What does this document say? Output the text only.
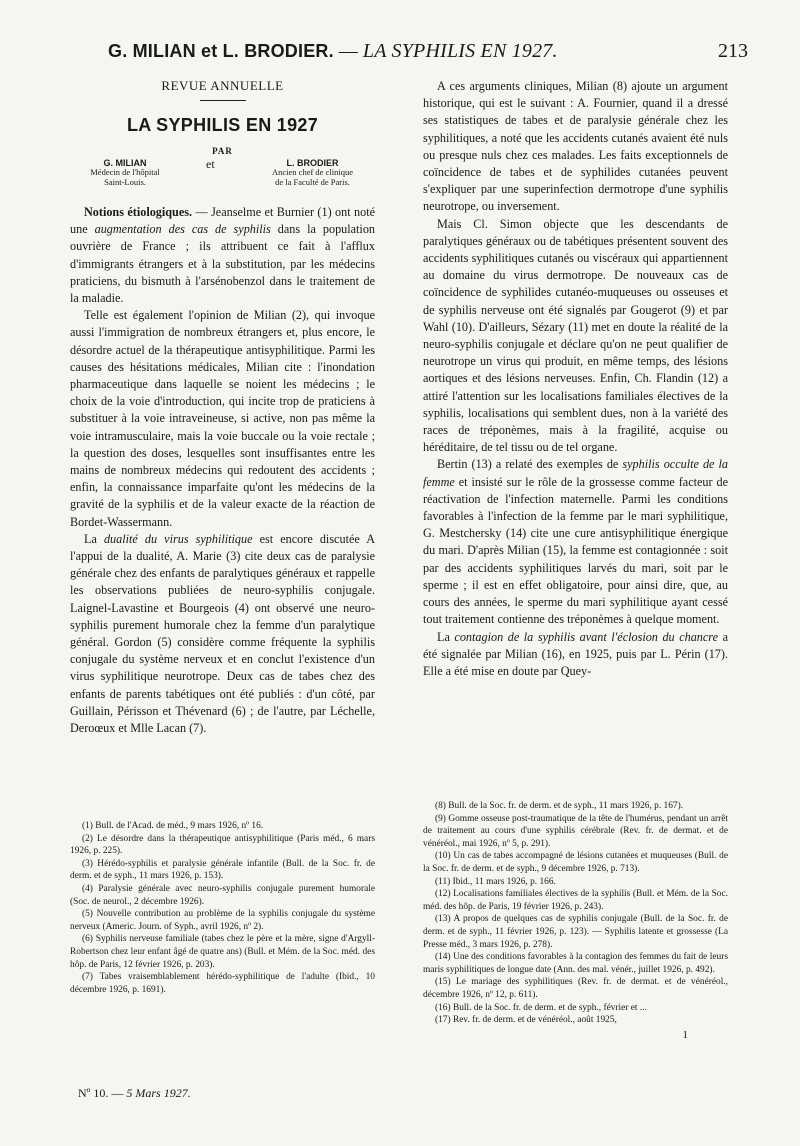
G. MILIAN et L. BRODIER. — LA SYPHILIS EN 1927.	213
REVUE ANNUELLE
LA SYPHILIS EN 1927
PAR
G. MILIAN
Médecin de l'hôpital
Saint-Louis.
et	L. BRODIER
Ancien chef de clinique
de la Faculté de Paris.

Notions étiologiques. — Jeanselme et Burnier (1) ont noté une augmentation des cas de syphilis dans la population ouvrière de France ; ils attribuent ce fait à l'afflux d'immigrants étrangers et à la substitution, par les médecins praticiens, du bismuth à l'arsénobenzol dans le traitement de la maladie.

Telle est également l'opinion de Milian (2), qui invoque aussi l'immigration de nombreux étrangers et, plus encore, le désordre actuel de la thérapeutique antisyphilitique. Parmi les causes des hésitations médicales, Milian cite : l'inondation pharmaceutique dans laquelle se noient les médecins ; le choix de la voie d'introduction, qui incite trop de praticiens à substituer à la voie intraveineuse, si active, non pas même la voie intramusculaire, mais la voie buccale ou la voie rectale ; la question des doses, lesquelles sont insuffisantes entre les mains de nombreux médecins qui redoutent des accidents ; enfin, la connaissance imparfaite qu'ont les médecins de la gravité de la syphilis et de la valeur exacte de la réaction de Bordet-Wassermann.

La dualité du virus syphilitique est encore discutée A l'appui de la dualité, A. Marie (3) cite deux cas de paralysie générale chez des enfants de paralytiques généraux et rappelle les observations publiées de neuro-syphilis conjugale. Laignel-Lavastine et Bourgeois (4) ont observé une neuro-syphilis purement humorale chez la femme d'un paralytique général. Gordon (5) considère comme fréquente la syphilis conjugale du système nerveux et en conclut l'existence d'un virus syphilitique neurotrope. Deux cas de tabes chez des enfants de parents tabétiques ont été publiés : d'un côté, par Guillain, Périsson et Thévenard (6) ; de l'autre, par Léchelle, Deroœux et Mlle Lacan (7).

(1) Bull. de l'Acad. de méd., 9 mars 1926, nº 16.

(2) Le désordre dans la thérapeutique antisyphilitique (Paris méd., 6 mars 1926, p. 225).

(3) Hérédo-syphilis et paralysie générale infantile (Bull. de la Soc. fr. de derm. et de syph., 11 mars 1926, p. 153).

(4) Paralysie générale avec neuro-syphilis conjugale purement humorale (Soc. de neurol., 2 décembre 1926).

(5) Nouvelle contribution au problème de la syphilis conjugale du système nerveux (Americ. Journ. of Syph., avril 1926, nº 2).

(6) Syphilis nerveuse familiale (tabes chez le père et la mère, signe d'Argyll-Robertson chez leur enfant âgé de quatre ans) (Bull. et Mém. de la Soc. méd. des hôp. de Paris, 12 février 1926, p. 203).

(7) Tabes vraisemblablement hérédo-syphilitique de l'adulte (Ibid., 10 décembre 1926, p. 1691).

Nº 10. — 5 Mars 1927.

A ces arguments cliniques, Milian (8) ajoute un argument historique, qui est le suivant : A. Fournier, quand il a dressé ses statistiques de tabes et de paralysie générale chez les syphilitiques, a noté que les accidents cutanés avaient été nuls ou presque nuls chez ces malades. Les faits exceptionnels de coïncidence de tabes et de syphilides cutanées peuvent s'expliquer par une superinfection dermotrope d'une syphilis neurotrope, ou inversement.

Mais Cl. Simon objecte que les descendants de paralytiques généraux ou de tabétiques présentent souvent des accidents syphilitiques cutanés ou viscéraux qui appartiennent au domaine du virus dermotrope. De nouveaux cas de coïncidence de syphilides cutanéo-muqueuses ou osseuses et de syphilis nerveuse ont été signalés par Gougerot (9) et par Wahl (10). D'ailleurs, Sézary (11) met en doute la réalité de la neuro-syphilis conjugale et déclare qu'on ne peut qualifier de neurotrope un virus qui produit, en même temps, des lésions aortiques et des lésions nerveuses. Enfin, Ch. Flandin (12) a attiré l'attention sur les localisations familiales électives de la syphilis, localisations qui semblent dues, non à la variété des races de tréponèmes, mais à la fragilité, acquise ou héréditaire, de tel tissu ou de tel organe.

Bertin (13) a relaté des exemples de syphilis occulte de la femme et insisté sur le rôle de la grossesse comme facteur de réactivation de l'infection maternelle. Parmi les conditions favorables à l'infection de la femme par le mari syphilitique, G. Mestchersky (14) cite une cure antisyphilitique énergique du mari. D'après Milian (15), la femme est contagionnée : soit par des accidents syphilitiques larvés du mari, soit par le sperme ; il est en effet obligatoire, pour ainsi dire, que, au cours des années, le sperme du mari syphilitique ayant cessé tout traitement contienne des tréponèmes à quelque moment.

La contagion de la syphilis avant l'éclosion du chancre a été signalée par Milian (16), en 1925, puis par L. Périn (17). Elle a été mise en doute par Quey-

(8) Bull. de la Soc. fr. de derm. et de syph., 11 mars 1926, p. 167).

(9) Gomme osseuse post-traumatique de la tête de l'humérus, pendant un arrêt de traitement au cours d'une syphilis cérébrale (Rev. fr. de dermat. et de vénéréol., mai 1926, nº 5, p. 291).

(10) Un cas de tabes accompagné de lésions cutanées et muqueuses (Bull. de la Soc. fr. de derm. et de syph., 9 décembre 1926, p. 713).

(11) Ibid., 11 mars 1926, p. 166.

(12) Localisations familiales électives de la syphilis (Bull. et Mém. de la Soc. méd. des hôp. de Paris, 19 février 1926, p. 243).

(13) A propos de quelques cas de syphilis conjugale (Bull. de la Soc. fr. de derm. et de syph., 11 février 1926, p. 123). — Syphilis latente et grossesse (La Presse méd., 3 mars 1926, p. 278).

(14) Une des conditions favorables à la contagion des femmes du fait de leurs maris syphilitiques de longue date (Ann. des mal. vénér., juillet 1926, p. 492).

(15) Le mariage des syphilitiques (Rev. fr. de dermat. et de vénéréol., décembre 1926, nº 12, p. 611).

(16) Bull. de la Soc. fr. de derm. et de syph., février et ...

(17) Rev. fr. de derm. et de vénéréol., août 1925,

1
